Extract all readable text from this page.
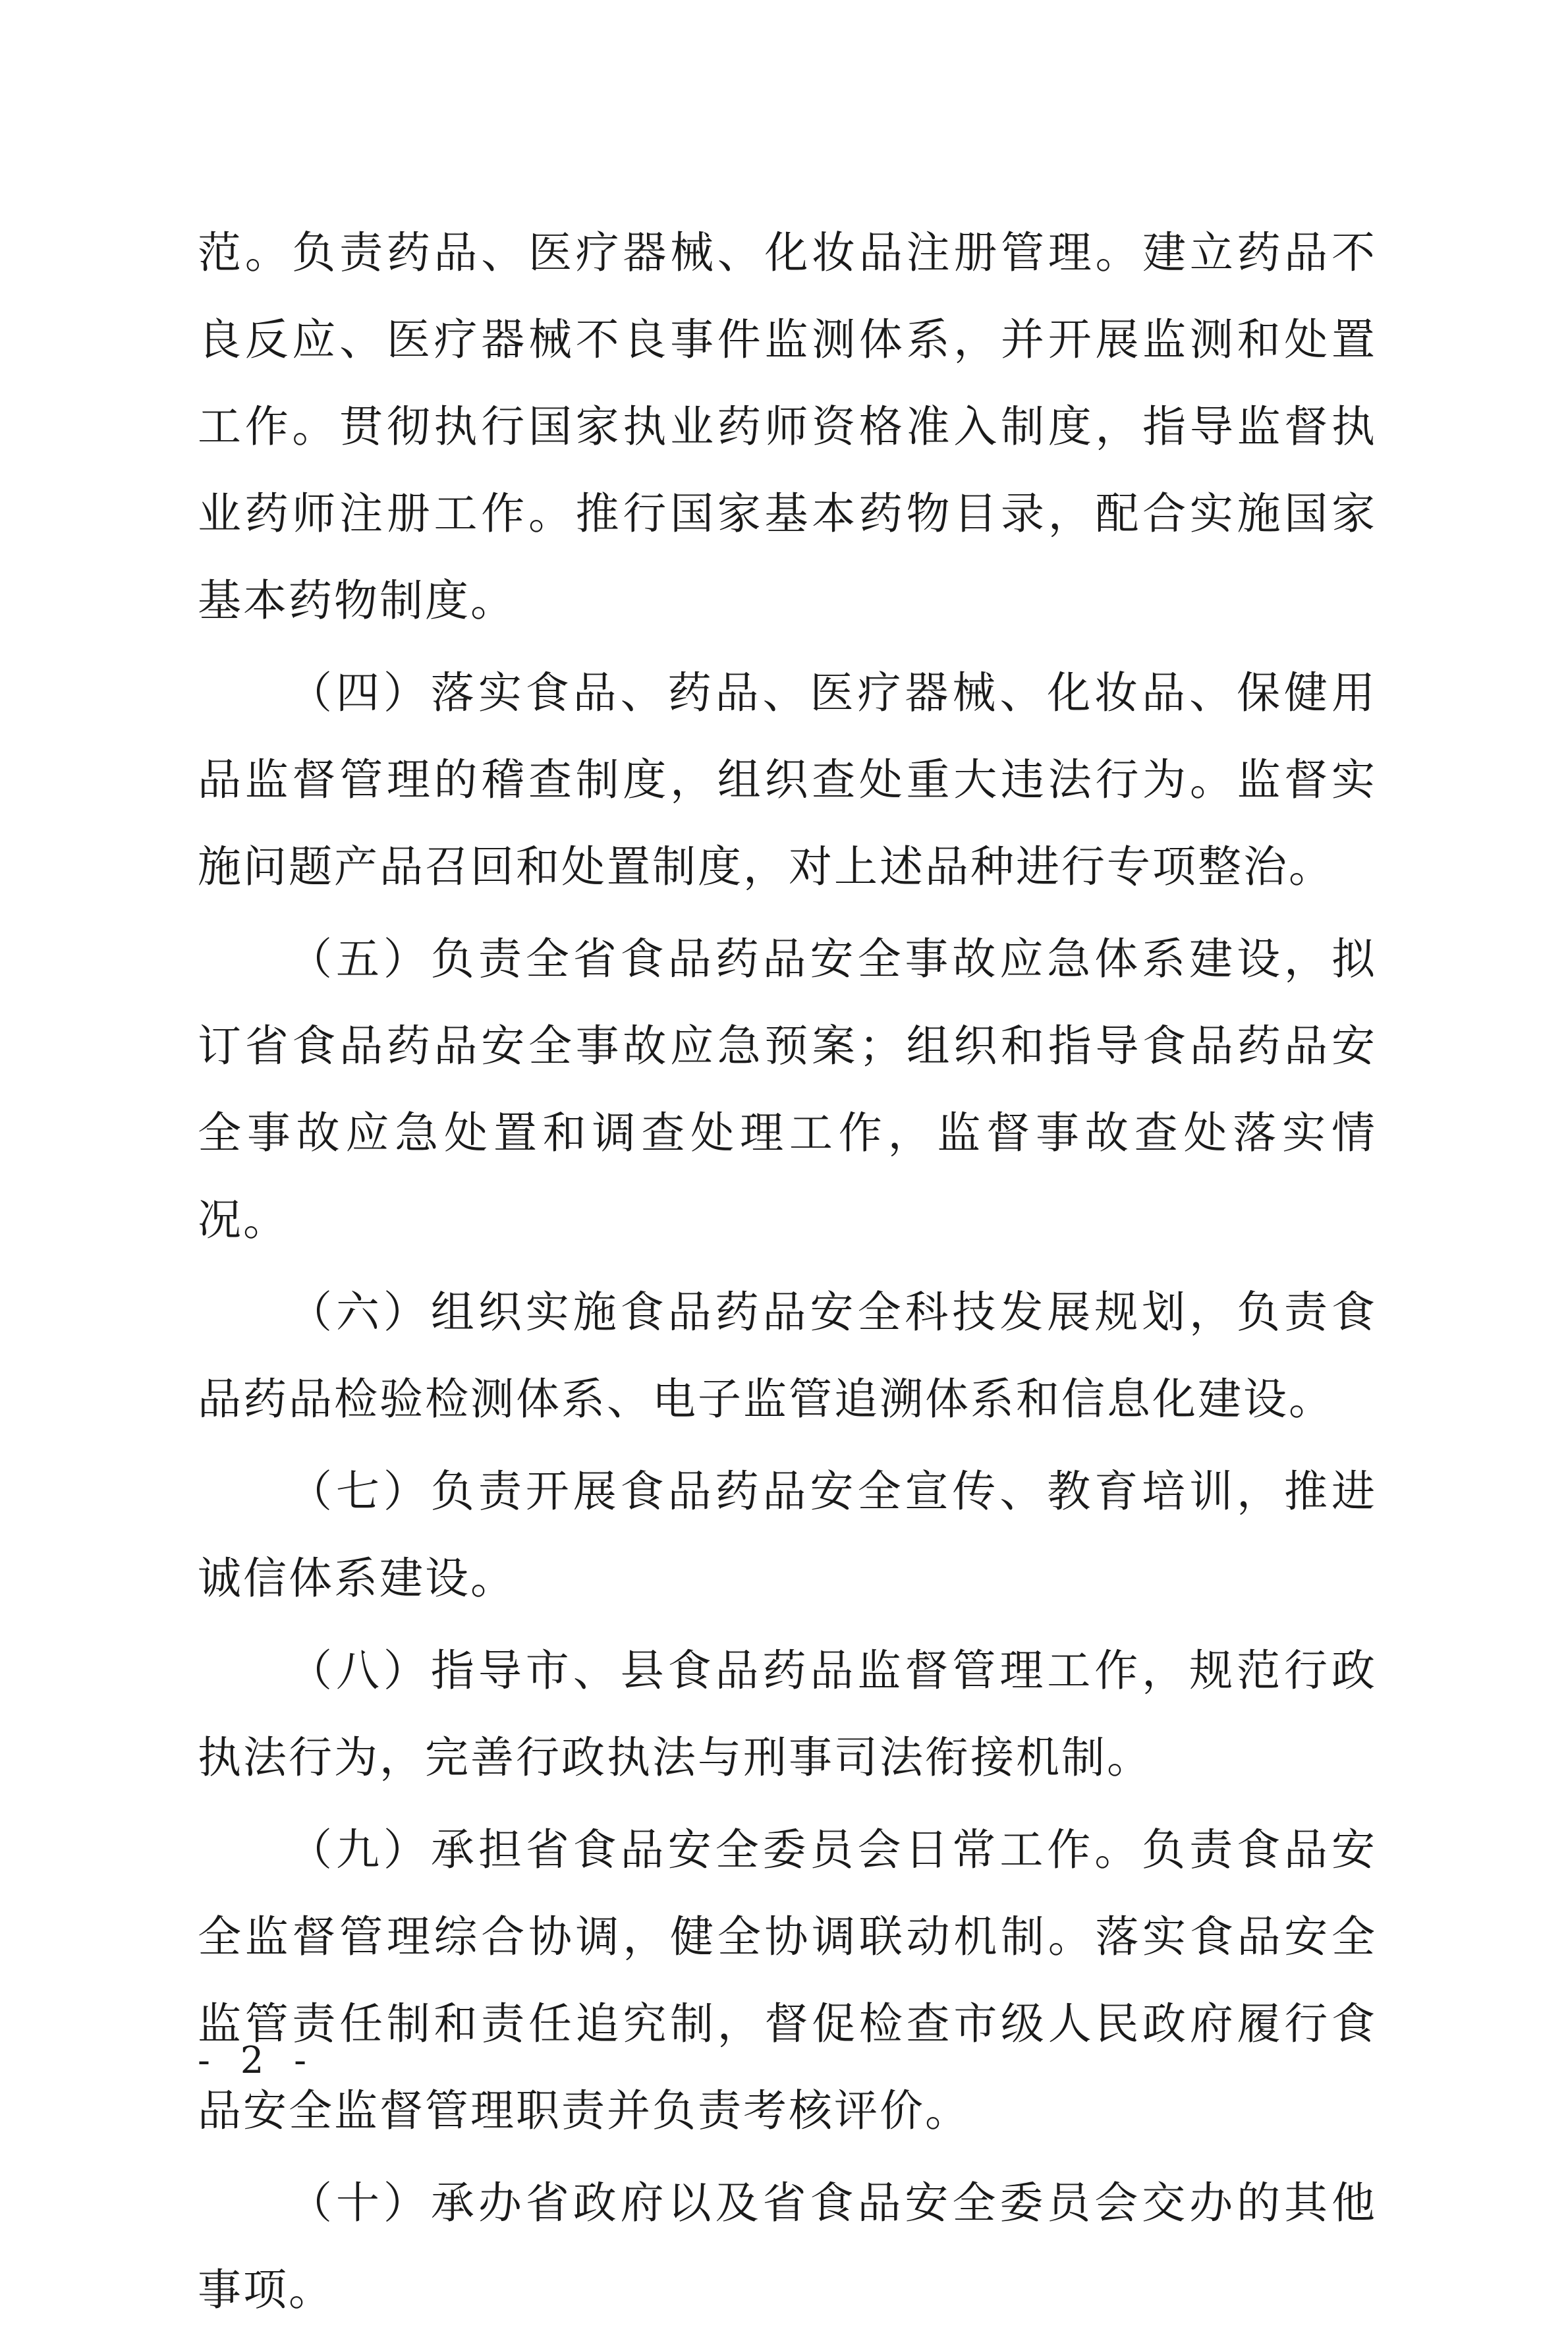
范。负责药品、医疗器械、化妆品注册管理。建立药品不良反应、医疗器械不良事件监测体系，并开展监测和处置工作。贯彻执行国家执业药师资格准入制度，指导监督执业药师注册工作。推行国家基本药物目录，配合实施国家基本药物制度。

（四）落实食品、药品、医疗器械、化妆品、保健用品监督管理的稽查制度，组织查处重大违法行为。监督实施问题产品召回和处置制度，对上述品种进行专项整治。

（五）负责全省食品药品安全事故应急体系建设，拟订省食品药品安全事故应急预案；组织和指导食品药品安全事故应急处置和调查处理工作，监督事故查处落实情况。

（六）组织实施食品药品安全科技发展规划，负责食品药品检验检测体系、电子监管追溯体系和信息化建设。

（七）负责开展食品药品安全宣传、教育培训，推进诚信体系建设。

（八）指导市、县食品药品监督管理工作，规范行政执法行为，完善行政执法与刑事司法衔接机制。

（九）承担省食品安全委员会日常工作。负责食品安全监督管理综合协调，健全协调联动机制。落实食品安全监管责任制和责任追究制，督促检查市级人民政府履行食品安全监督管理职责并负责考核评价。

（十）承办省政府以及省食品安全委员会交办的其他事项。

- 2 -
